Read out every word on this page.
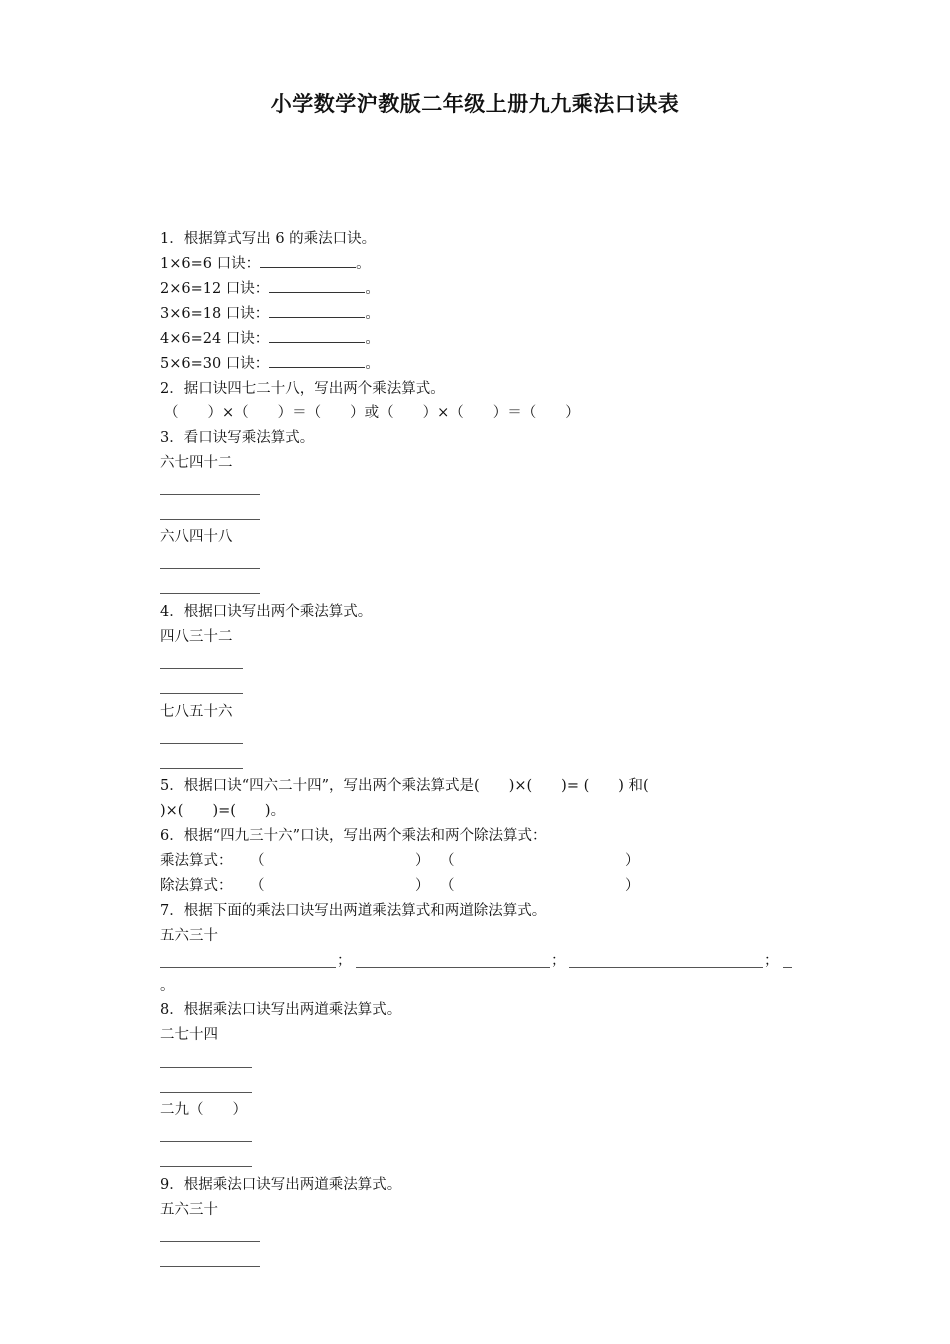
小学数学沪教版二年级上册九九乘法口诀表
1．根据算式写出 6 的乘法口诀。
1×6=6 口诀：	。
2×6=12 口诀：	。
3×6=18 口诀：	。
4×6=24 口诀：	。
5×6=30 口诀：	。
2．据口诀四七二十八，写出两个乘法算式。
（　　）×（　　）＝（　　）或（　　）×（　　）＝（　　）
3．看口诀写乘法算式。
六七四十二
六八四十八
4．根据口诀写出两个乘法算式。
四八三十二
七八五十六
5．根据口诀“四六二十四”，写出两个乘法算式是(　　)×(　　)= (　　) 和(
)×(　　)=(　　)。
6．根据“四九三十六”口诀，写出两个乘法和两个除法算式：
乘法算式： （	） （	）
除法算式： （	） （	）
7．根据下面的乘法口诀写出两道乘法算式和两道除法算式。
五六三十
；	；	；
。
8．根据乘法口诀写出两道乘法算式。
二七十四
二九（　　）
9．根据乘法口诀写出两道乘法算式。
五六三十
